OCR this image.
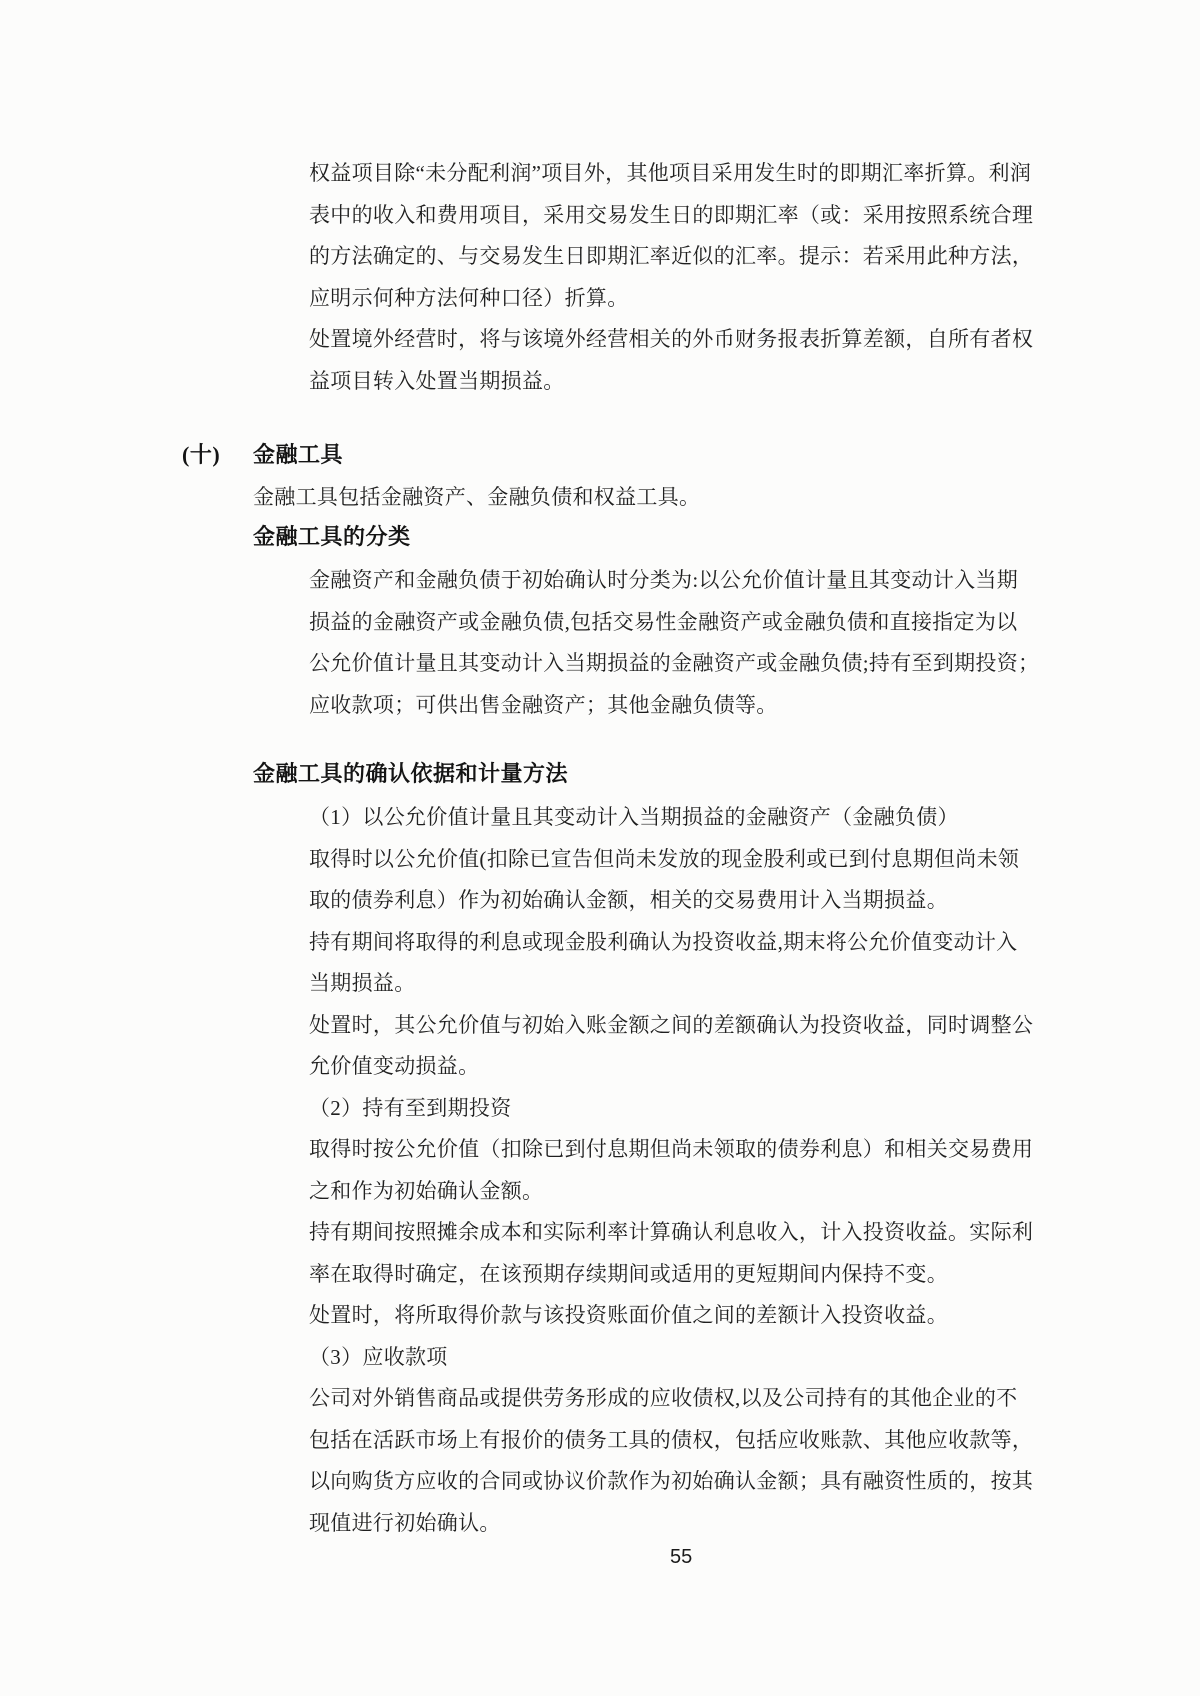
权益项目除“未分配利润”项目外，其他项目采用发生时的即期汇率折算。利润
表中的收入和费用项目，采用交易发生日的即期汇率（或：采用按照系统合理
的方法确定的、与交易发生日即期汇率近似的汇率。提示：若采用此种方法，
应明示何种方法何种口径）折算。
处置境外经营时，将与该境外经营相关的外币财务报表折算差额，自所有者权
益项目转入处置当期损益。
(十) 金融工具
金融工具包括金融资产、金融负债和权益工具。
金融工具的分类
金融资产和金融负债于初始确认时分类为:以公允价值计量且其变动计入当期
损益的金融资产或金融负债,包括交易性金融资产或金融负债和直接指定为以
公允价值计量且其变动计入当期损益的金融资产或金融负债;持有至到期投资；
应收款项；可供出售金融资产；其他金融负债等。
金融工具的确认依据和计量方法
（1）以公允价值计量且其变动计入当期损益的金融资产（金融负债）
取得时以公允价值(扣除已宣告但尚未发放的现金股利或已到付息期但尚未领
取的债券利息）作为初始确认金额，相关的交易费用计入当期损益。
持有期间将取得的利息或现金股利确认为投资收益,期末将公允价值变动计入
当期损益。
处置时，其公允价值与初始入账金额之间的差额确认为投资收益，同时调整公
允价值变动损益。
（2）持有至到期投资
取得时按公允价值（扣除已到付息期但尚未领取的债券利息）和相关交易费用
之和作为初始确认金额。
持有期间按照摊余成本和实际利率计算确认利息收入，计入投资收益。实际利
率在取得时确定，在该预期存续期间或适用的更短期间内保持不变。
处置时，将所取得价款与该投资账面价值之间的差额计入投资收益。
（3）应收款项
公司对外销售商品或提供劳务形成的应收债权,以及公司持有的其他企业的不
包括在活跃市场上有报价的债务工具的债权，包括应收账款、其他应收款等，
以向购货方应收的合同或协议价款作为初始确认金额；具有融资性质的，按其
现值进行初始确认。
55
